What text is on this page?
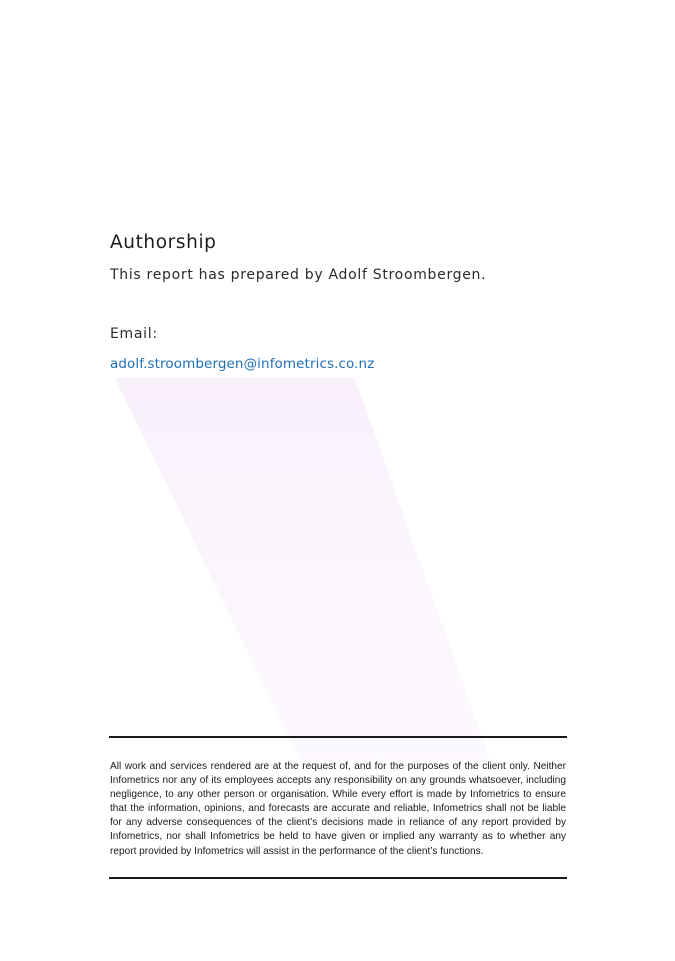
Authorship

This report has prepared by Adolf Stroombergen.

Email:

adolf.stroombergen@infometrics.co.nz

All work and services rendered are at the request of, and for the purposes of the client only. Neither Infometrics nor any of its employees accepts any responsibility on any grounds whatsoever, including negligence, to any other person or organisation. While every effort is made by Infometrics to ensure that the information, opinions, and forecasts are accurate and reliable, Infometrics shall not be liable for any adverse consequences of the client’s decisions made in reliance of any report provided by Infometrics, nor shall Infometrics be held to have given or implied any warranty as to whether any report provided by Infometrics will assist in the performance of the client’s functions.
